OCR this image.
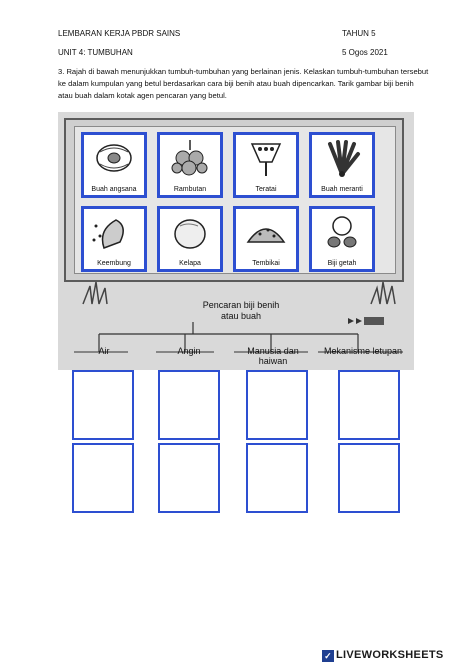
LEMBARAN KERJA PBDR SAINS	TAHUN 5
UNIT 4: TUMBUHAN	5 Ogos 2021
3. Rajah di bawah menunjukkan tumbuh-tumbuhan yang berlainan jenis. Kelaskan tumbuh-tumbuhan tersebut ke dalam kumpulan yang betul berdasarkan cara biji benih atau buah dipencarkan. Tarik gambar biji benih atau buah dalam kotak agen pencaran yang betul.
Buah angsana	Rambutan	Teratai	Buah meranti
Keembung	Kelapa	Tembikai	Biji getah
Pencaran biji benih
atau buah
Air	Angin	Manusia dan haiwan
Mekanisme letupan
✓ LIVEWORKSHEETS
